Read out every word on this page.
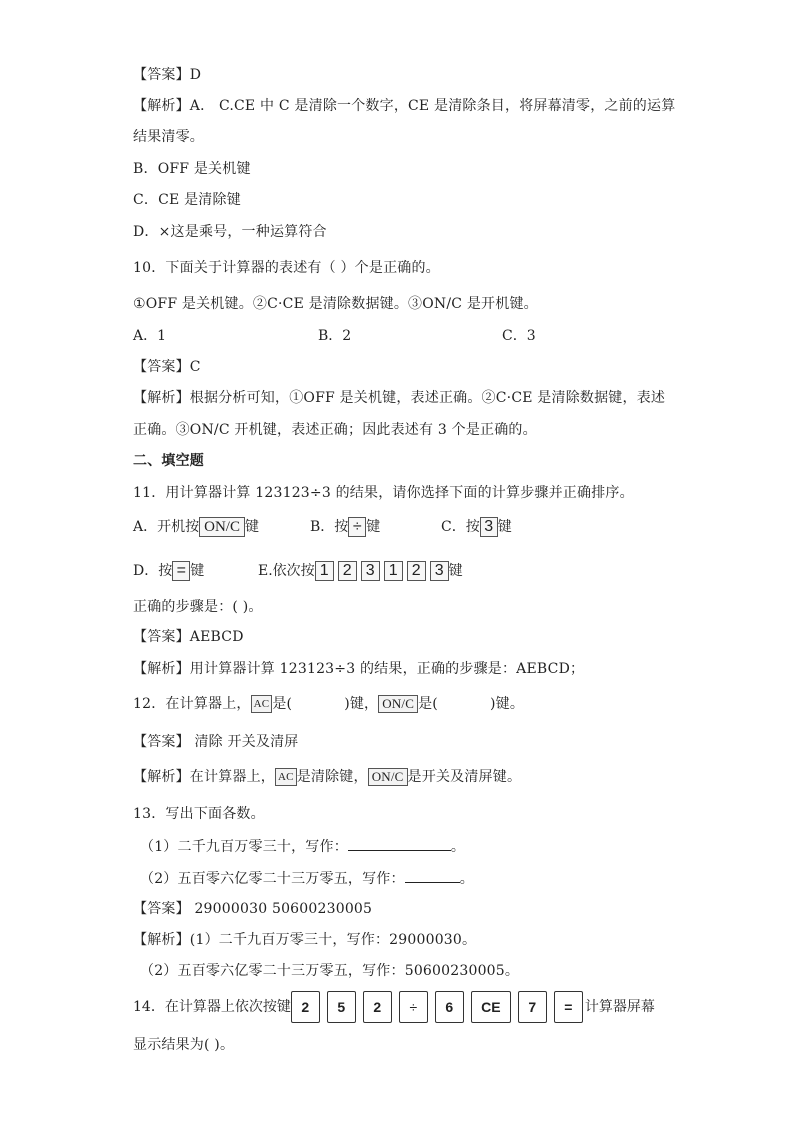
【答案】D
【解析】A． C.CE 中 C 是清除一个数字，CE 是清除条目，将屏幕清零，之前的运算
结果清零。
B．OFF 是关机键
C．CE 是清除键
D．×这是乘号，一种运算符合
10．下面关于计算器的表述有（ ）个是正确的。
①OFF 是关机键。②C·CE 是清除数据键。③ON/C 是开机键。
A．1	B．2	C．3
【答案】C
【解析】根据分析可知，①OFF 是关机键，表述正确。②C·CE 是清除数据键，表述
正确。③ON/C 开机键，表述正确；因此表述有 3 个是正确的。
二、填空题
11．用计算器计算 123123÷3 的结果，请你选择下面的计算步骤并正确排序。
A．开机按 ON/C 键	B．按 ÷ 键	C．按 3 键
D．按 = 键	E.依次按 1 2 3 1 2 3 键
正确的步骤是：( )。
【答案】AEBCD
【解析】用计算器计算 123123÷3 的结果，正确的步骤是：AEBCD；
12．在计算器上， AC 是(	)键， ON/C 是(	)键。
【答案】 清除 开关及清屏
【解析】在计算器上， AC 是清除键， ON/C 是开关及清屏键。
13．写出下面各数。
（1）二千九百万零三十，写作：	。
（2）五百零六亿零二十三万零五，写作：	。
【答案】 29000030 50600230005
【解析】(1）二千九百万零三十，写作：29000030。
（2）五百零六亿零二十三万零五，写作：50600230005。
14．在计算器上依次按键 2 5 2 ÷ 6 CE 7 = 计算器屏幕
显示结果为( )。
